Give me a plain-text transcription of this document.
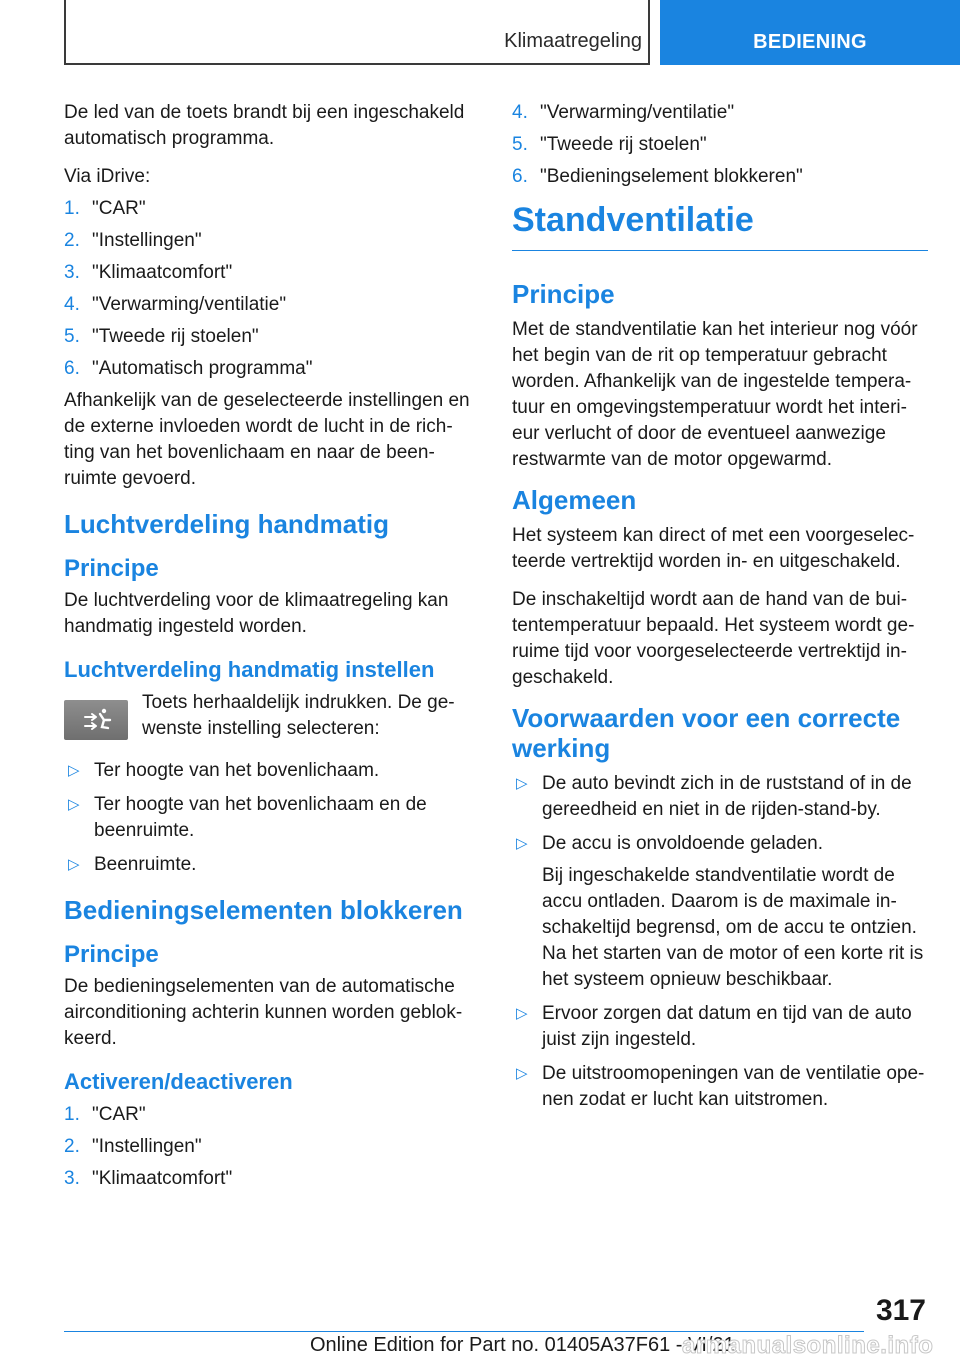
Klimaatregeling	BEDIENING

De led van de toets brandt bij een ingeschakeld automatisch programma.

Via iDrive:

1. "CAR"
2. "Instellingen"
3. "Klimaatcomfort"
4. "Verwarming/ventilatie"
5. "Tweede rij stoelen"
6. "Automatisch programma"

Afhankelijk van de geselecteerde instellingen en de externe invloeden wordt de lucht in de richting van het bovenlichaam en naar de beenruimte gevoerd.

Luchtverdeling handmatig
Principe

De luchtverdeling voor de klimaatregeling kan handmatig ingesteld worden.

Luchtverdeling handmatig instellen
Toets herhaaldelijk indrukken. De gewenste instelling selecteren:
▷ Ter hoogte van het bovenlichaam.
▷ Ter hoogte van het bovenlichaam en de beenruimte.
▷ Beenruimte.
Bedieningselementen blokkeren
Principe

De bedieningselementen van de automatische airconditioning achterin kunnen worden geblokkeerd.

Activeren/deactiveren
1. "CAR"
2. "Instellingen"
3. "Klimaatcomfort"
4. "Verwarming/ventilatie"
5. "Tweede rij stoelen"
6. "Bedieningselement blokkeren"
Standventilatie
Principe

Met de standventilatie kan het interieur nog vóór het begin van de rit op temperatuur gebracht worden. Afhankelijk van de ingestelde temperatuur en omgevingstemperatuur wordt het interieur verlucht of door de eventueel aanwezige restwarmte van de motor opgewarmd.

Algemeen

Het systeem kan direct of met een voorgeselecteerde vertrektijd worden in- en uitgeschakeld.

De inschakeltijd wordt aan de hand van de buitentemperatuur bepaald. Het systeem wordt geruime tijd voor voorgeselecteerde vertrektijd ingeschakeld.

Voorwaarden voor een correcte werking
▷ De auto bevindt zich in de ruststand of in de gereedheid en niet in de rijden-stand-by.
▷ De accu is onvoldoende geladen.
Bij ingeschakelde standventilatie wordt de accu ontladen. Daarom is de maximale inschakeltijd begrensd, om de accu te ontzien. Na het starten van de motor of een korte rit is het systeem opnieuw beschikbaar.
▷ Ervoor zorgen dat datum en tijd van de auto juist zijn ingesteld.
▷ De uitstroomopeningen van de ventilatie openen zodat er lucht kan uitstromen.
317
Online Edition for Part no. 01405A37F61 - VI/21
armanualsonline.info
